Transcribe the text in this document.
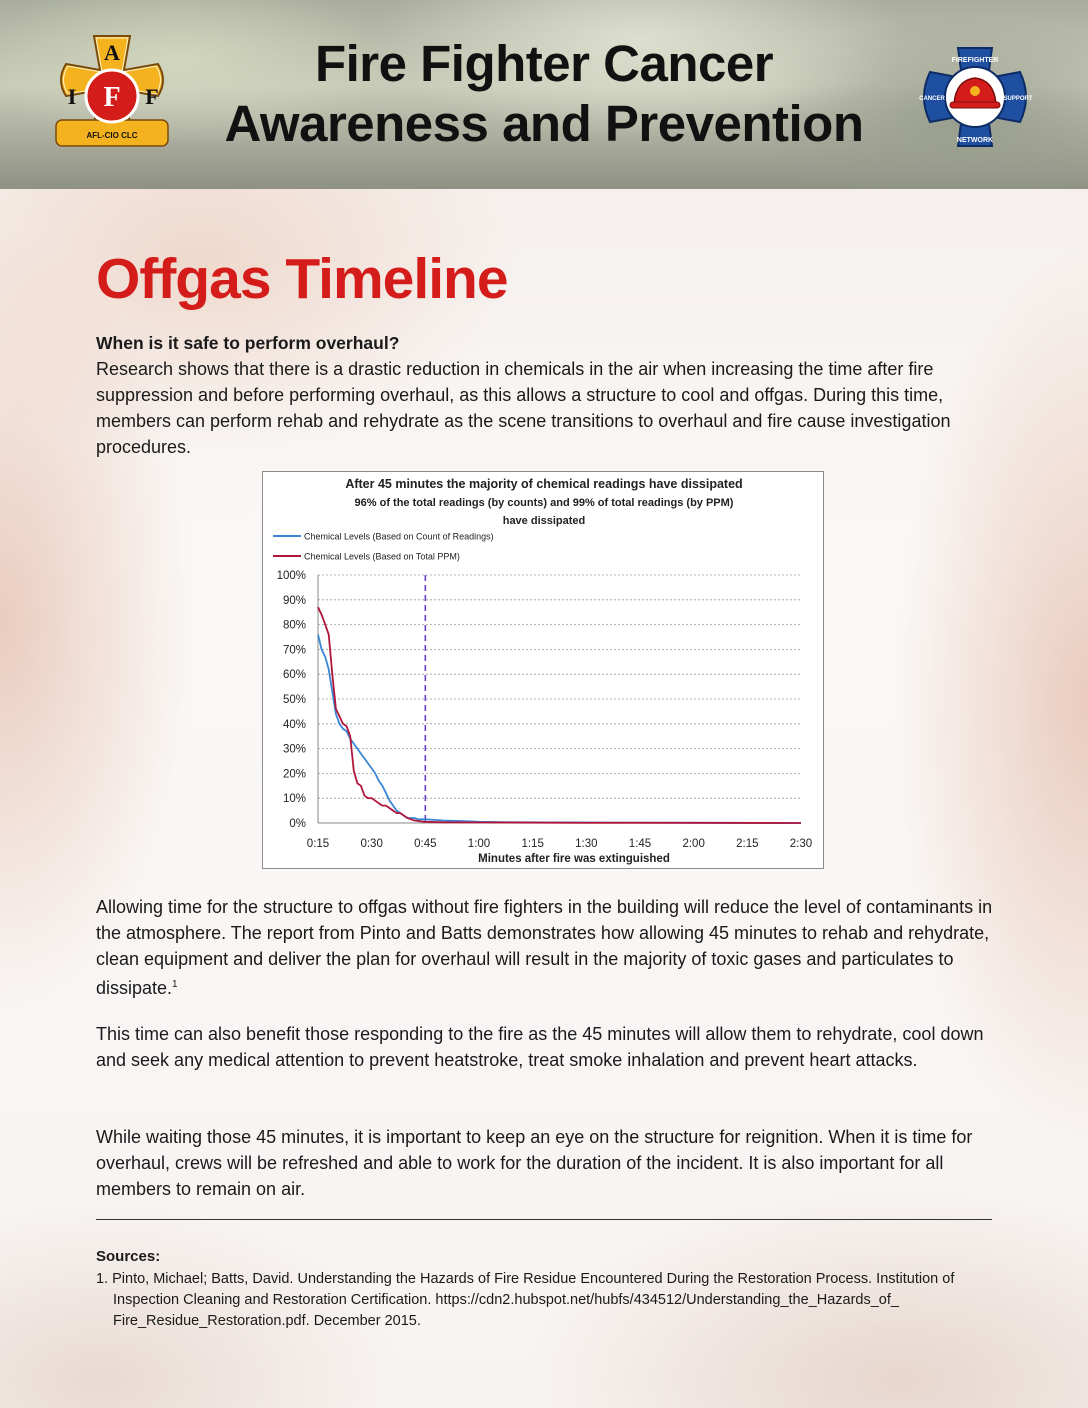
F
A
I	F
AFL-CIO CLC
Fire Fighter Cancer
Awareness and Prevention
FIREFIGHTER
NETWORK
CANCER	SUPPORT
Offgas Timeline
When is it safe to perform overhaul?
Research shows that there is a drastic reduction in chemicals in the air when increasing the time after fire suppression and before performing overhaul, as this allows a structure to cool and offgas. During this time, members can perform rehab and rehydrate as the scene transitions to overhaul and fire cause investigation procedures.
After 45 minutes the majority of chemical readings have dissipated
96% of the total readings (by counts) and 99% of total readings (by PPM)
have dissipated
Chemical Levels (Based on Count of Readings)
Chemical Levels (Based on Total PPM)
0%
10%
20%
30%
40%
50%
60%
70%
80%
90%
100%
0:15	0:30	0:45	1:00	1:15	1:30	1:45	2:00	2:15	2:30
Minutes after fire was extinguished
Allowing time for the structure to offgas without fire fighters in the building will reduce the level of contaminants in the atmosphere. The report from Pinto and Batts demonstrates how allowing 45 minutes to rehab and rehydrate, clean equipment and deliver the plan for overhaul will result in the majority of toxic gases and particulates to dissipate.$^1$
This time can also benefit those responding to the fire as the 45 minutes will allow them to rehydrate, cool down and seek any medical attention to prevent heatstroke, treat smoke inhalation and prevent heart attacks.
While waiting those 45 minutes, it is important to keep an eye on the structure for reignition. When it is time for overhaul, crews will be refreshed and able to work for the duration of the incident. It is also important for all members to remain on air.
Sources:
1. Pinto, Michael; Batts, David. Understanding the Hazards of Fire Residue Encountered During the Restoration Process. Institution of Inspection Cleaning and Restoration Certification. https://cdn2.hubspot.net/hubfs/434512/Understanding_the_Hazards_of_ Fire_Residue_Restoration.pdf. December 2015.
